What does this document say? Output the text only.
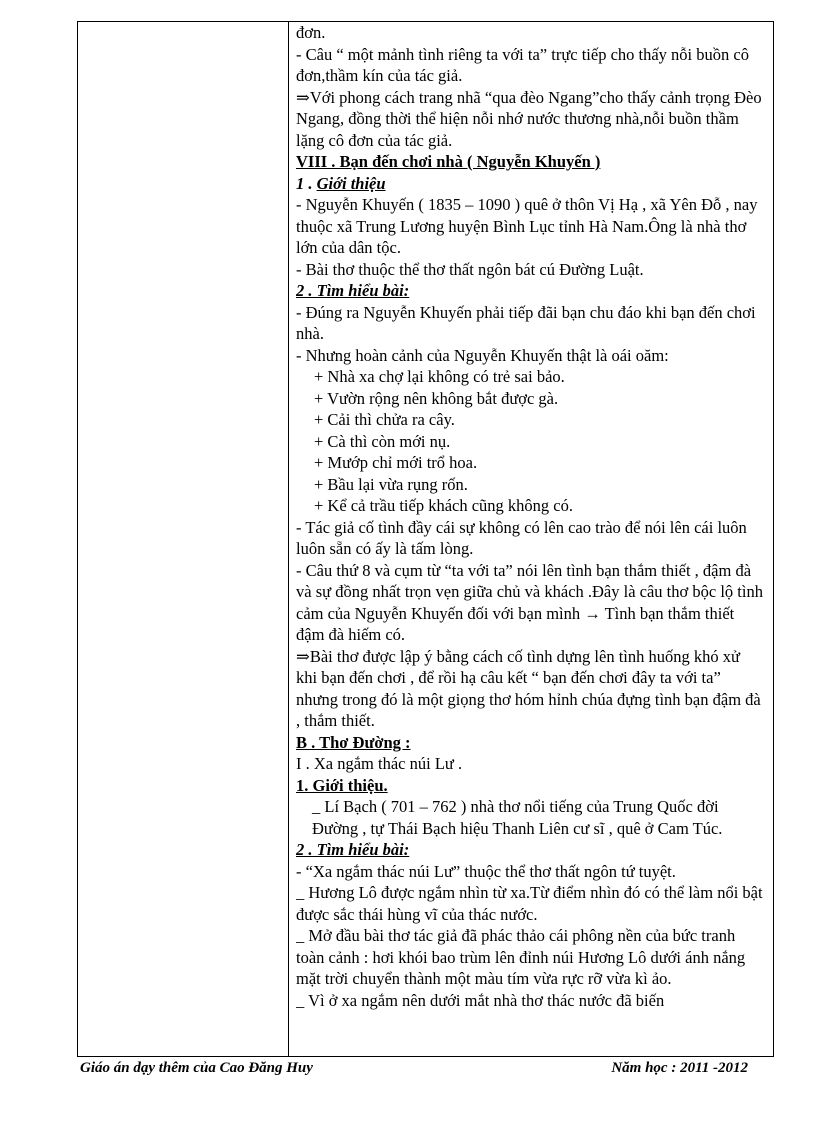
đơn.

- Câu “ một mảnh tình riêng ta với ta” trực tiếp cho thấy nỗi buồn cô đơn,thầm kín của tác giả.

⇒Với phong cách trang nhã “qua đèo Ngang”cho thấy cảnh trọng Đèo Ngang, đồng thời thể hiện nỗi nhớ nước thương nhà,nỗi buồn thầm lặng cô đơn của tác giả.

VIII . Bạn đến chơi nhà ( Nguyễn Khuyến )

1 . Giới thiệu

- Nguyễn Khuyến ( 1835 – 1090 ) quê ở thôn Vị Hạ , xã Yên Đỗ , nay thuộc xã Trung Lương huyện Bình Lục tỉnh Hà Nam.Ông là nhà thơ lớn của dân tộc.

- Bài thơ thuộc thể thơ thất ngôn bát cú Đường Luật.

2 . Tìm hiểu bài:

- Đúng ra Nguyễn Khuyến phải tiếp đãi bạn chu đáo khi bạn đến chơi nhà.

- Nhưng hoàn cảnh của Nguyễn Khuyến thật là oái oăm:

+ Nhà xa chợ lại không có trẻ sai bảo.

+ Vườn rộng nên không bắt được gà.

+ Cải thì chửa ra cây.

+ Cà thì còn mới nụ.

+ Mướp chỉ mới trổ hoa.

+ Bầu lại vừa rụng rốn.

+ Kể cả trầu tiếp khách cũng không có.

- Tác giả cố tình đầy cái sự không có lên cao trào để nói lên cái luôn luôn sẵn có ấy là tấm lòng.

- Câu thứ 8 và cụm từ “ta với ta” nói lên tình bạn thắm thiết , đậm đà và sự đồng nhất trọn vẹn giữa chủ và khách .Đây là câu thơ bộc lộ tình cảm của Nguyễn Khuyến đối với bạn mình → Tình bạn thắm thiết đậm đà hiếm có.

⇒Bài thơ được lập ý bằng cách cố tình dựng lên tình huống khó xử khi bạn đến chơi , để rồi hạ câu kết “ bạn đến chơi đây ta với ta” nhưng trong đó là một giọng thơ hóm hỉnh chúa đựng tình bạn đậm đà , thắm thiết.

B . Thơ Đường :

I . Xa ngắm thác núi Lư .

1. Giới thiệu.

_ Lí Bạch ( 701 – 762 ) nhà thơ nổi tiếng của Trung Quốc đời Đường , tự Thái Bạch hiệu Thanh Liên cư sĩ , quê ở Cam Túc.

2 . Tìm hiểu bài:

- “Xa ngắm thác núi Lư” thuộc thể thơ thất ngôn tứ tuyệt.

_ Hương Lô được ngắm nhìn từ xa.Từ điểm nhìn đó có thể làm nổi bật được sắc thái hùng vĩ của thác nước.

_ Mở đầu bài thơ tác giả đã phác thảo cái phông nền của bức tranh toàn cảnh : hơi khói bao trùm lên đỉnh núi Hương Lô dưới ánh nắng mặt trời chuyển thành một màu tím vừa rực rỡ vừa kì ảo.

_ Vì ở xa ngắm nên dưới mắt nhà thơ thác nước đã biến

Giáo án dạy thêm của Cao Đăng Huy	Năm học : 2011 -2012
